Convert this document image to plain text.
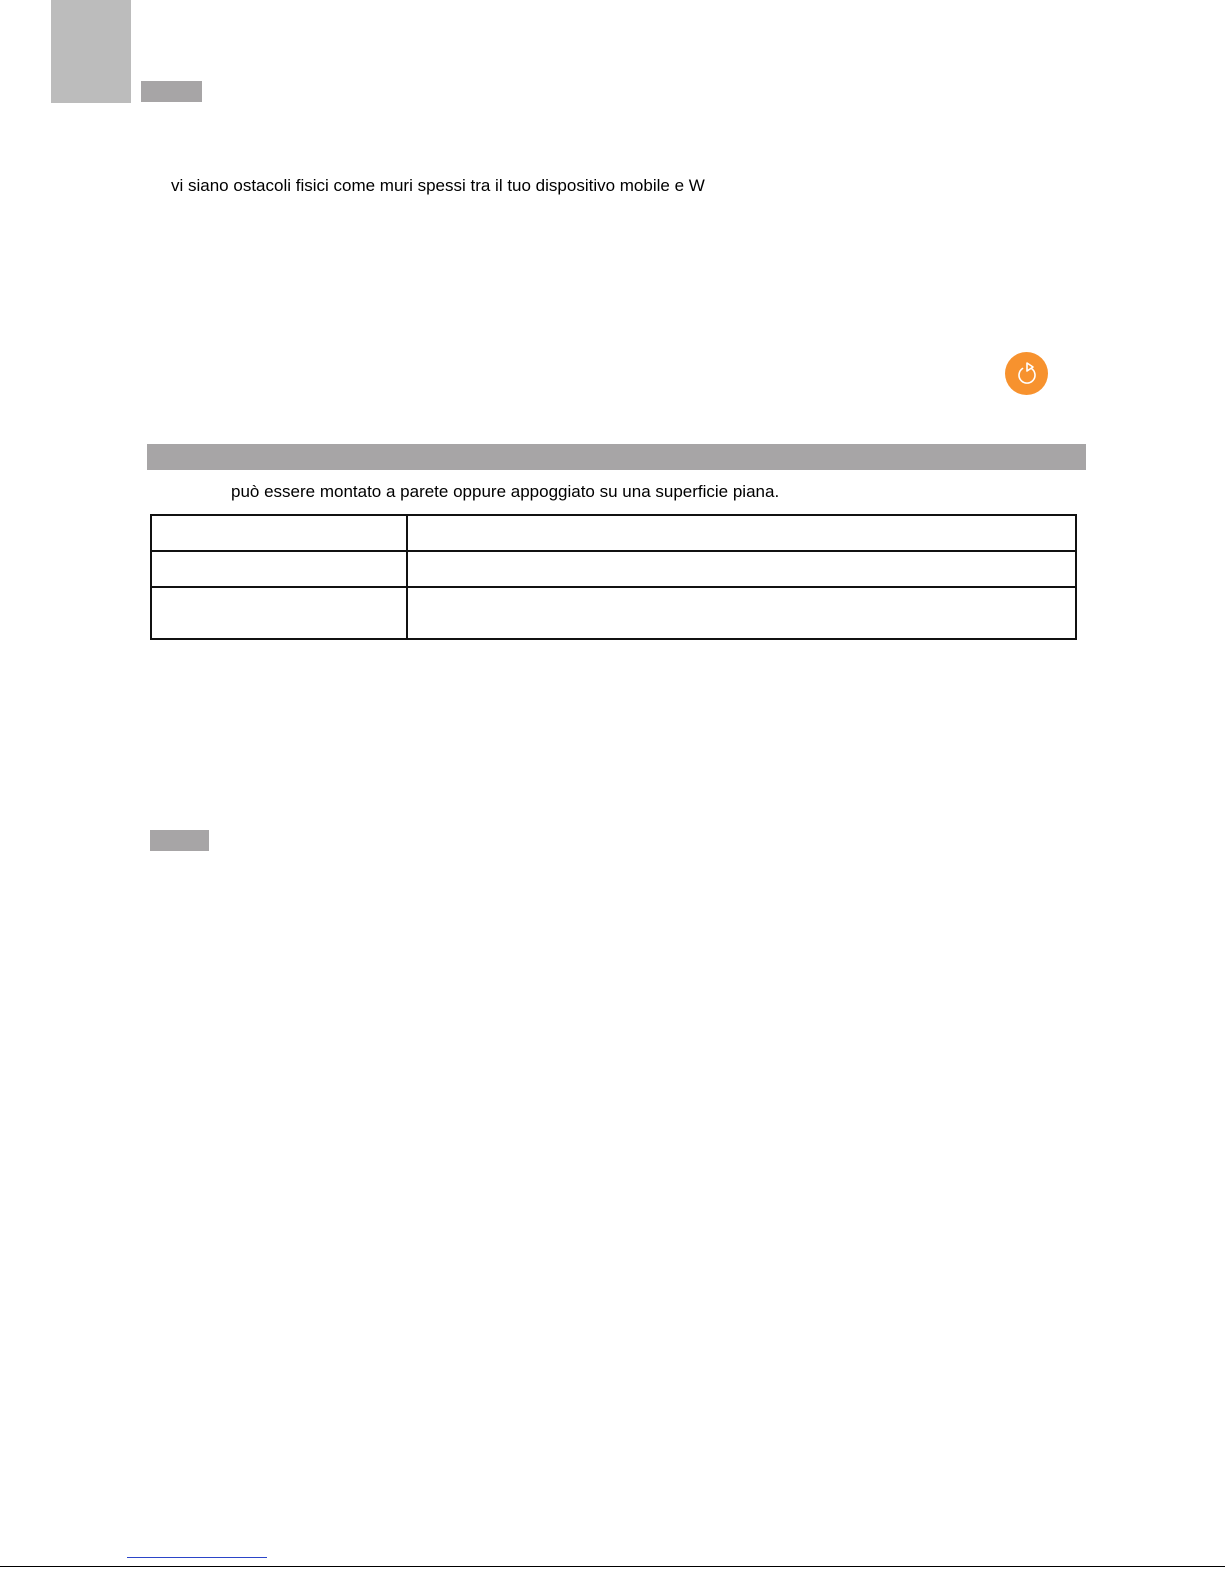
vi siano ostacoli fisici come muri spessi tra il tuo dispositivo mobile e W
può essere montato a parete oppure appoggiato su una superficie piana.
